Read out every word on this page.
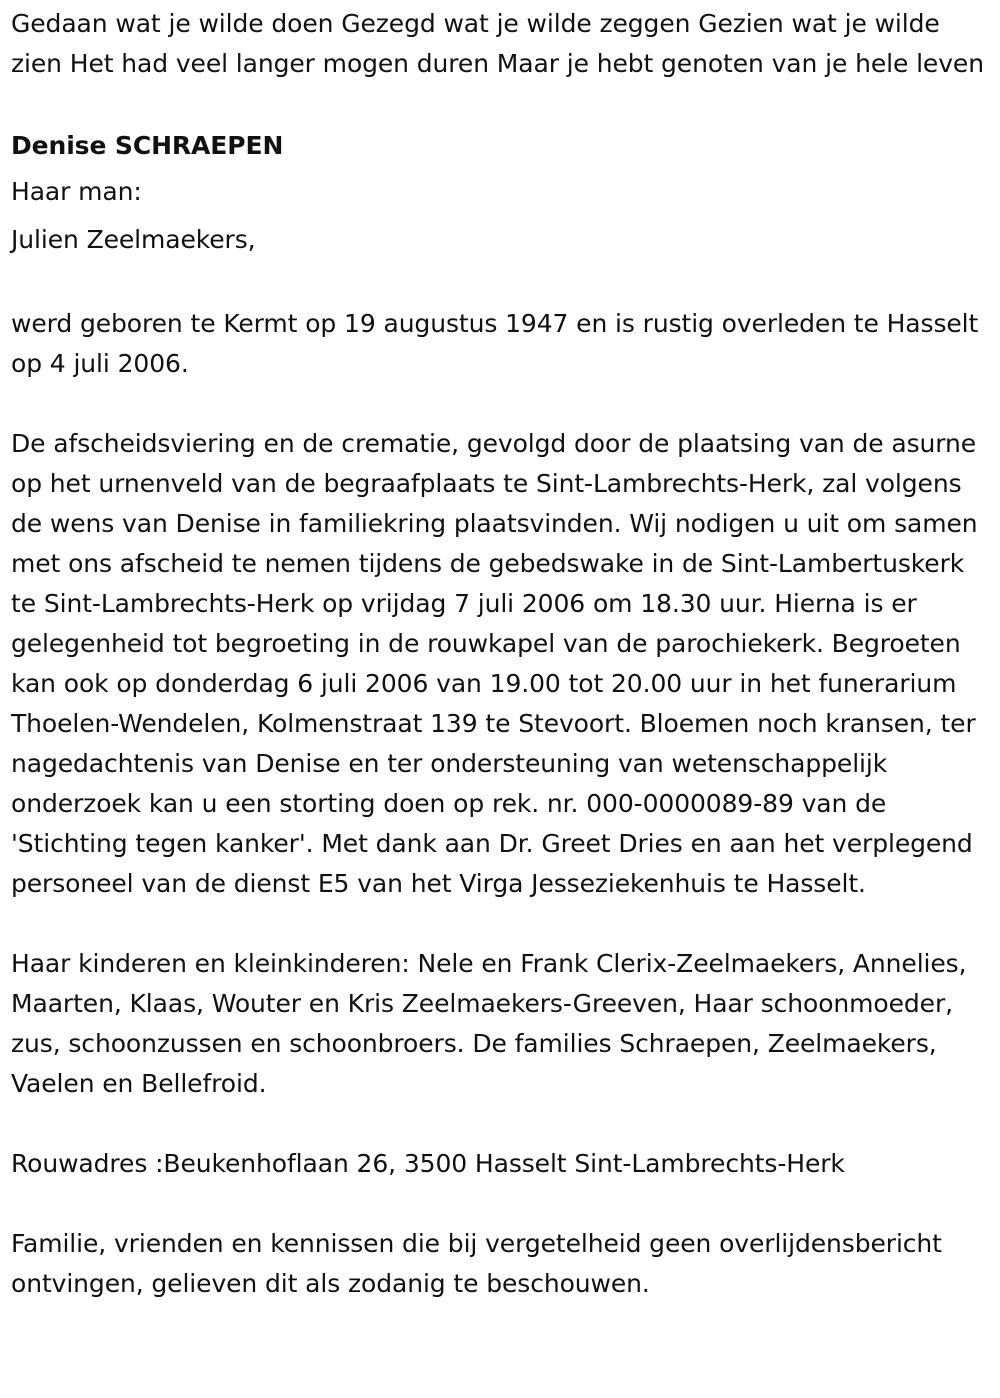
Gedaan wat je wilde doen Gezegd wat je wilde zeggen Gezien wat je wilde zien Het had veel langer mogen duren Maar je hebt genoten van je hele leven

Denise SCHRAEPEN

Haar man:

Julien Zeelmaekers,

werd geboren te Kermt op 19 augustus 1947 en is rustig overleden te Hasselt op 4 juli 2006.

De afscheidsviering en de crematie, gevolgd door de plaatsing van de asurne op het urnenveld van de begraafplaats te Sint-Lambrechts-Herk, zal volgens de wens van Denise in familiekring plaatsvinden. Wij nodigen u uit om samen met ons afscheid te nemen tijdens de gebedswake in de Sint-Lambertuskerk te Sint-Lambrechts-Herk op vrijdag 7 juli 2006 om 18.30 uur. Hierna is er gelegenheid tot begroeting in de rouwkapel van de parochiekerk. Begroeten kan ook op donderdag 6 juli 2006 van 19.00 tot 20.00 uur in het funerarium Thoelen-Wendelen, Kolmenstraat 139 te Stevoort. Bloemen noch kransen, ter nagedachtenis van Denise en ter ondersteuning van wetenschappelijk onderzoek kan u een storting doen op rek. nr. 000-0000089-89 van de 'Stichting tegen kanker'. Met dank aan Dr. Greet Dries en aan het verplegend personeel van de dienst E5 van het Virga Jesseziekenhuis te Hasselt.

Haar kinderen en kleinkinderen: Nele en Frank Clerix-Zeelmaekers, Annelies, Maarten, Klaas, Wouter en Kris Zeelmaekers-Greeven, Haar schoonmoeder, zus, schoonzussen en schoonbroers. De families Schraepen, Zeelmaekers, Vaelen en Bellefroid.

Rouwadres :Beukenhoflaan 26, 3500 Hasselt Sint-Lambrechts-Herk

Familie, vrienden en kennissen die bij vergetelheid geen overlijdensbericht ontvingen, gelieven dit als zodanig te beschouwen.
